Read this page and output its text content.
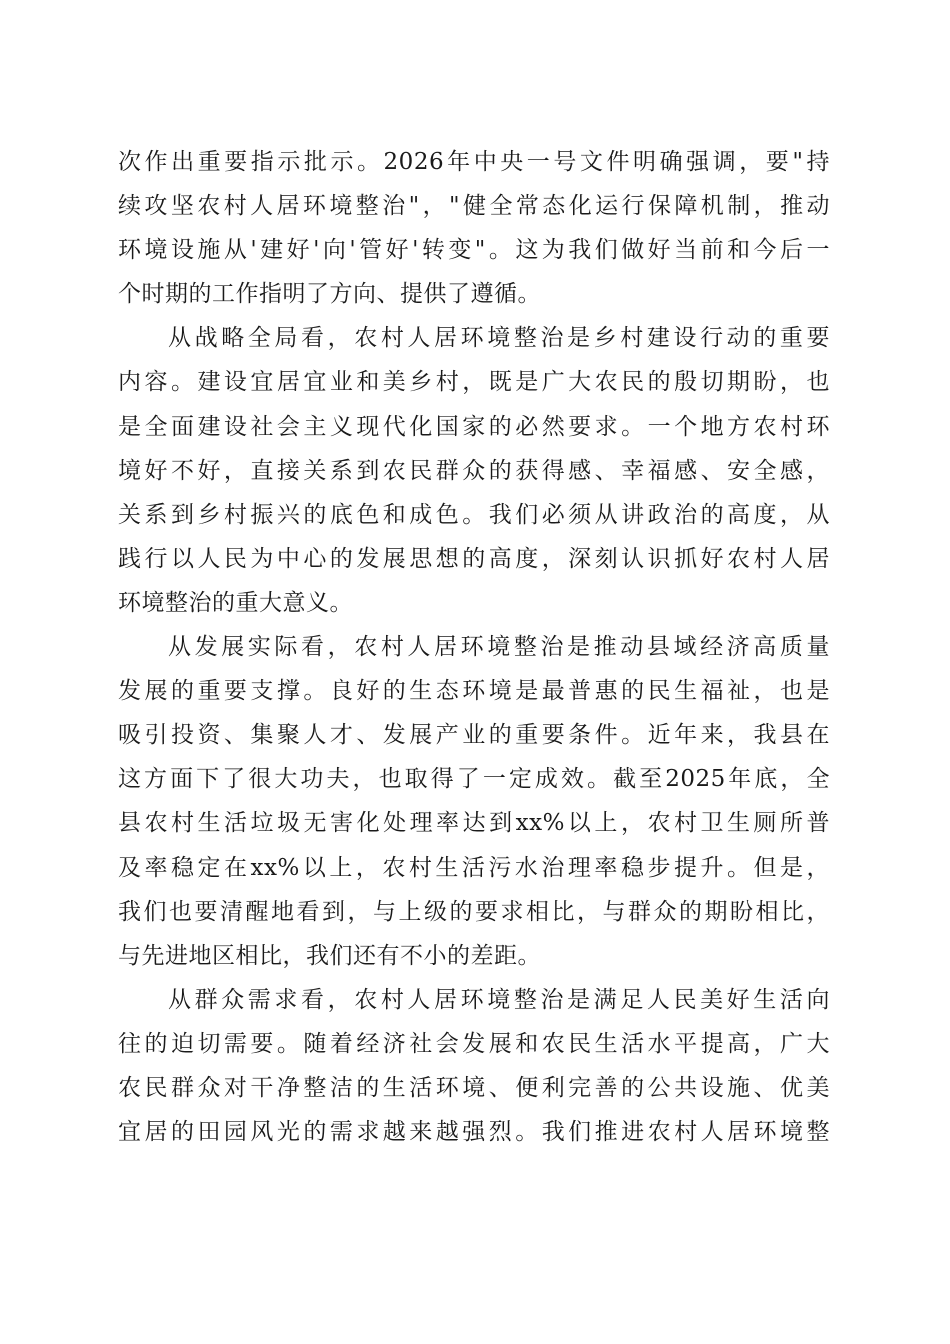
次作出重要指示批示。2026年中央一号文件明确强调，要"持
续攻坚农村人居环境整治"，"健全常态化运行保障机制，推动
环境设施从'建好'向'管好'转变"。这为我们做好当前和今后一
个时期的工作指明了方向、提供了遵循。
从战略全局看，农村人居环境整治是乡村建设行动的重要
内容。建设宜居宜业和美乡村，既是广大农民的殷切期盼，也
是全面建设社会主义现代化国家的必然要求。一个地方农村环
境好不好，直接关系到农民群众的获得感、幸福感、安全感，
关系到乡村振兴的底色和成色。我们必须从讲政治的高度，从
践行以人民为中心的发展思想的高度，深刻认识抓好农村人居
环境整治的重大意义。
从发展实际看，农村人居环境整治是推动县域经济高质量
发展的重要支撑。良好的生态环境是最普惠的民生福祉，也是
吸引投资、集聚人才、发展产业的重要条件。近年来，我县在
这方面下了很大功夫，也取得了一定成效。截至2025年底，全
县农村生活垃圾无害化处理率达到xx%以上，农村卫生厕所普
及率稳定在xx%以上，农村生活污水治理率稳步提升。但是，
我们也要清醒地看到，与上级的要求相比，与群众的期盼相比，
与先进地区相比，我们还有不小的差距。
从群众需求看，农村人居环境整治是满足人民美好生活向
往的迫切需要。随着经济社会发展和农民生活水平提高，广大
农民群众对干净整洁的生活环境、便利完善的公共设施、优美
宜居的田园风光的需求越来越强烈。我们推进农村人居环境整
